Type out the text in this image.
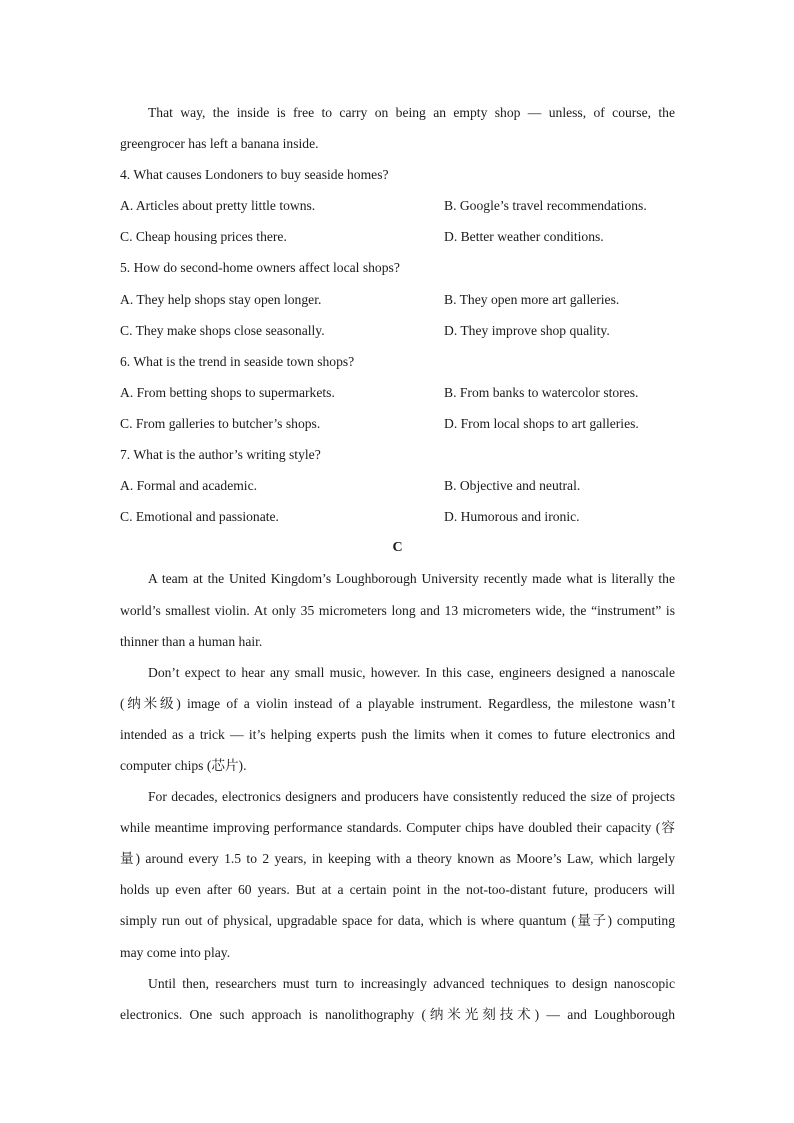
That way, the inside is free to carry on being an empty shop — unless, of course, the
greengrocer has left a banana inside.
4. What causes Londoners to buy seaside homes?
A. Articles about pretty little towns.	B. Google’s travel recommendations.
C. Cheap housing prices there.	D. Better weather conditions.
5. How do second-home owners affect local shops?
A. They help shops stay open longer.	B. They open more art galleries.
C. They make shops close seasonally.	D. They improve shop quality.
6. What is the trend in seaside town shops?
A. From betting shops to supermarkets.	B. From banks to watercolor stores.
C. From galleries to butcher’s shops.	D. From local shops to art galleries.
7. What is the author’s writing style?
A. Formal and academic.	B. Objective and neutral.
C. Emotional and passionate.	D. Humorous and ironic.
C
A team at the United Kingdom’s Loughborough University recently made what is literally the
world’s smallest violin. At only 35 micrometers long and 13 micrometers wide, the “instrument” is
thinner than a human hair.
Don’t expect to hear any small music, however. In this case, engineers designed a nanoscale
(纳米级) image of a violin instead of a playable instrument. Regardless, the milestone wasn’t
intended as a trick — it’s helping experts push the limits when it comes to future electronics and
computer chips (芯片).
For decades, electronics designers and producers have consistently reduced the size of projects
while meantime improving performance standards. Computer chips have doubled their capacity (容
量) around every 1.5 to 2 years, in keeping with a theory known as Moore’s Law, which largely
holds up even after 60 years. But at a certain point in the not-too-distant future, producers will
simply run out of physical, upgradable space for data, which is where quantum (量子) computing
may come into play.
Until then, researchers must turn to increasingly advanced techniques to design nanoscopic
electronics. One such approach is nanolithography (纳米光刻技术) — and Loughborough
